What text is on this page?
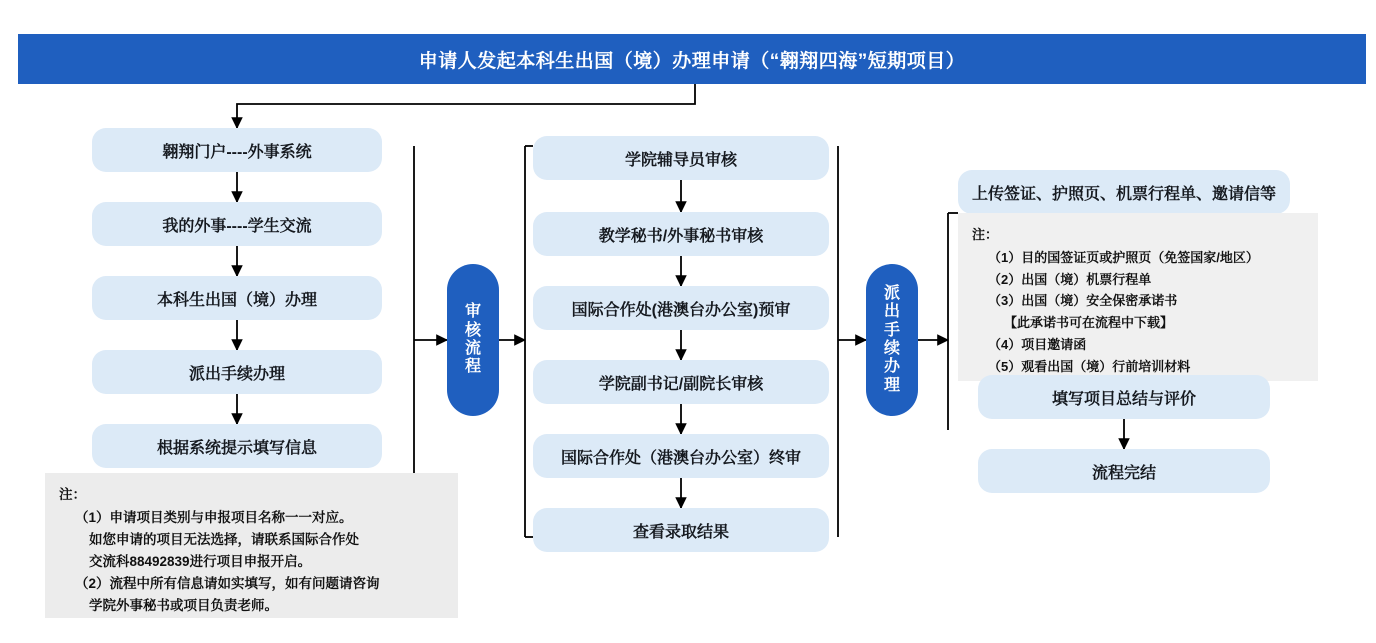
申请人发起本科生出国（境）办理申请（“翱翔四海”短期项目）
翱翔门户----外事系统
我的外事----学生交流
本科生出国（境）办理
派出手续办理
根据系统提示填写信息
注：
（1）申请项目类别与申报项目名称一一对应。
如您申请的项目无法选择，请联系国际合作处
交流科88492839进行项目申报开启。
（2）流程中所有信息请如实填写，如有问题请咨询
学院外事秘书或项目负责老师。
审核流程
学院辅导员审核
教学秘书/外事秘书审核
国际合作处(港澳台办公室)预审
学院副书记/副院长审核
国际合作处（港澳台办公室）终审
查看录取结果
派出手续办理
上传签证、护照页、机票行程单、邀请信等
注：
（1）目的国签证页或护照页（免签国家/地区）
（2）出国（境）机票行程单
（3）出国（境）安全保密承诺书
【此承诺书可在流程中下载】
（4）项目邀请函
（5）观看出国（境）行前培训材料
填写项目总结与评价
流程完结
